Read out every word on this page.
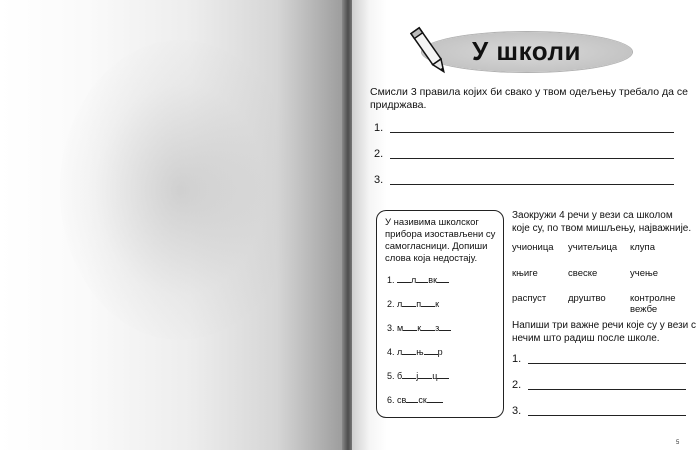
У школи
Смисли 3 правила којих би свако у твом одељењу требало да се придржава.
1.
2.
3.
У називима школског прибора изостављени су самогласници. Допиши слова која недостају.
1. л вк
2. л п к
3. м к з
4. л њ р
5. б ј ц
6. св ск
Заокружи 4 речи у вези са школом које су, по твом мишљењу, најважније.
учионица	учитељица	клупа
књиге	свеске	учење
распуст	друштво	контролне вежбе
Напиши три важне речи које су у вези с нечим што радиш после школе.
1.
2.
3.
5
